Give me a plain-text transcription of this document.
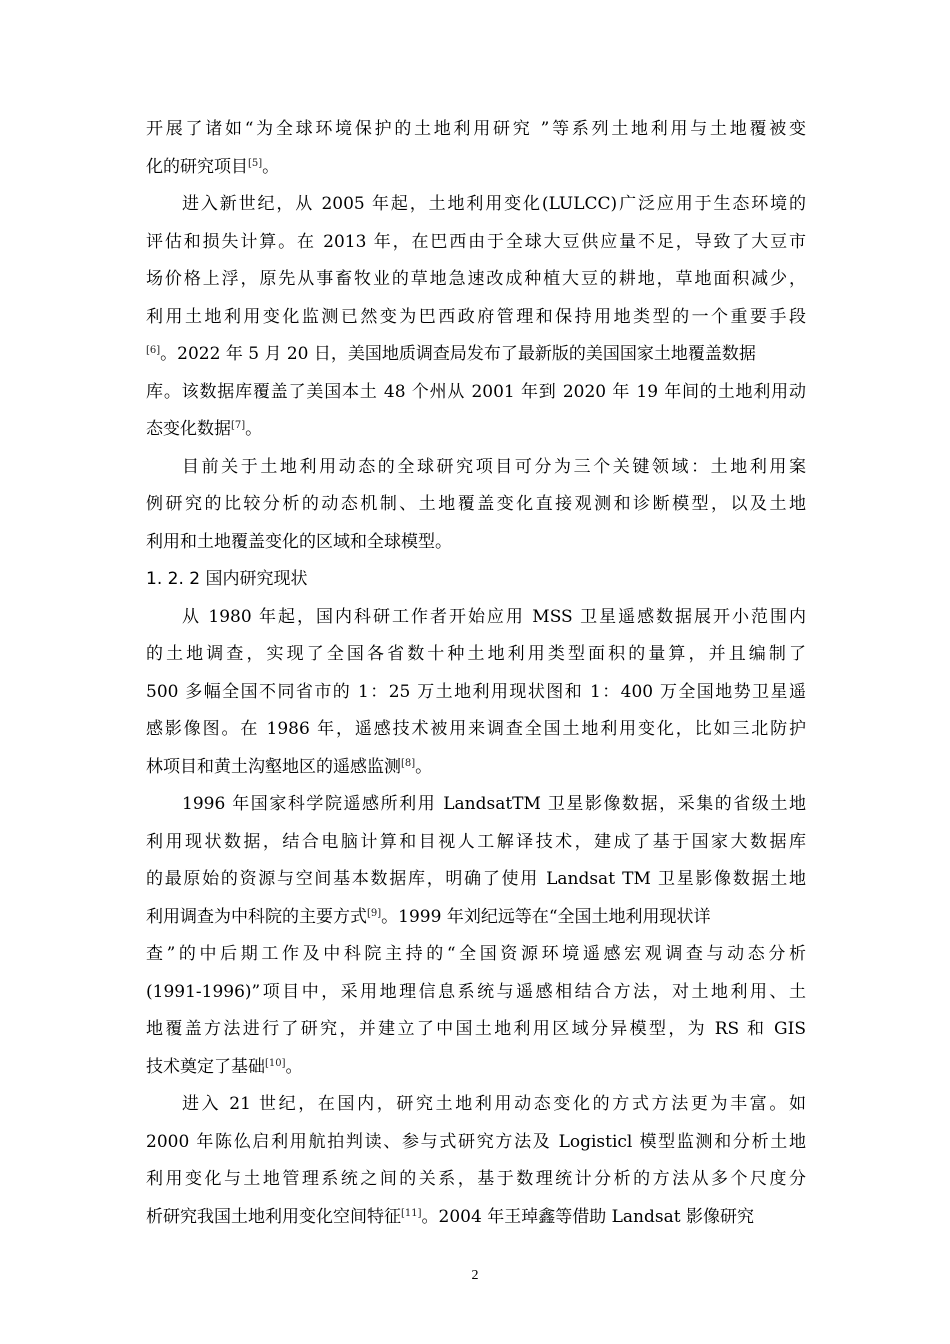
开展了诸如“为全球环境保护的土地利用研究 ”等系列土地利用与土地覆被变
化的研究项目[5]。
进入新世纪，从 2005 年起，土地利用变化(LULCC)广泛应用于生态环境的
评估和损失计算。在 2013 年，在巴西由于全球大豆供应量不足，导致了大豆市
场价格上浮，原先从事畜牧业的草地急速改成种植大豆的耕地，草地面积减少，
利用土地利用变化监测已然变为巴西政府管理和保持用地类型的一个重要手段
[6]。2022 年 5 月 20 日，美国地质调查局发布了最新版的美国国家土地覆盖数据
库。该数据库覆盖了美国本土 48 个州从 2001 年到 2020 年 19 年间的土地利用动
态变化数据[7]。
目前关于土地利用动态的全球研究项目可分为三个关键领域：土地利用案
例研究的比较分析的动态机制、土地覆盖变化直接观测和诊断模型，以及土地
利用和土地覆盖变化的区域和全球模型。
1. 2. 2 国内研究现状
从 1980 年起，国内科研工作者开始应用 MSS 卫星遥感数据展开小范围内
的土地调查，实现了全国各省数十种土地利用类型面积的量算，并且编制了
500 多幅全国不同省市的 1：25 万土地利用现状图和 1：400 万全国地势卫星遥
感影像图。在 1986 年，遥感技术被用来调查全国土地利用变化，比如三北防护
林项目和黄土沟壑地区的遥感监测[8]。
1996 年国家科学院遥感所利用 LandsatTM 卫星影像数据，采集的省级土地
利用现状数据，结合电脑计算和目视人工解译技术，建成了基于国家大数据库
的最原始的资源与空间基本数据库，明确了使用 Landsat TM 卫星影像数据土地
利用调查为中科院的主要方式[9]。1999 年刘纪远等在“全国土地利用现状详
查”的中后期工作及中科院主持的“全国资源环境遥感宏观调查与动态分析
(1991-1996)”项目中，采用地理信息系统与遥感相结合方法，对土地利用、土
地覆盖方法进行了研究，并建立了中国土地利用区域分异模型，为 RS 和 GIS
技术奠定了基础[10]。
进入 21 世纪，在国内，研究土地利用动态变化的方式方法更为丰富。如
2000 年陈仫启利用航拍判读、参与式研究方法及 Logisticl 模型监测和分析土地
利用变化与土地管理系统之间的关系，基于数理统计分析的方法从多个尺度分
析研究我国土地利用变化空间特征[11]。2004 年王琸鑫等借助 Landsat 影像研究
2
